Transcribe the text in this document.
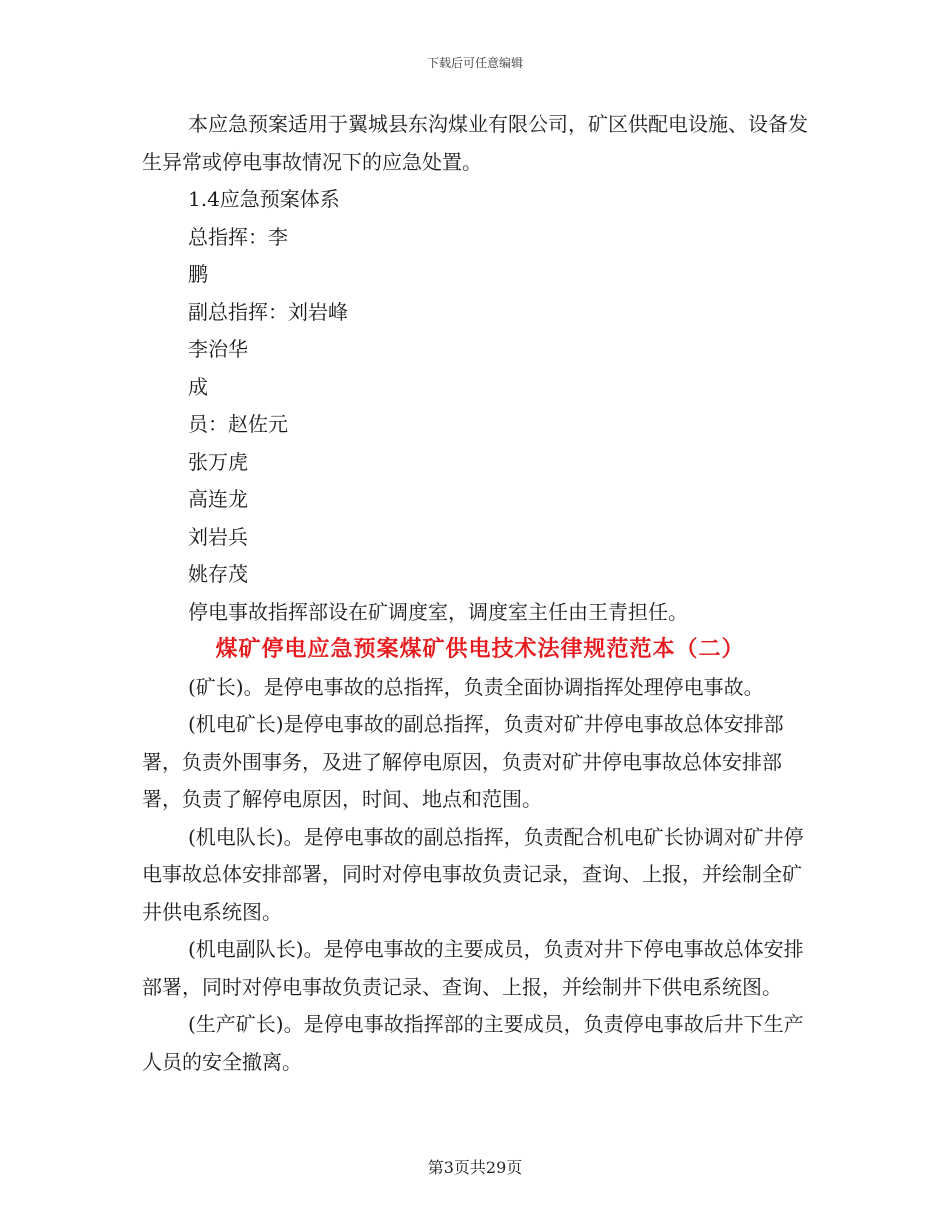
下载后可任意编辑

本应急预案适用于翼城县东沟煤业有限公司，矿区供配电设施、设备发生异常或停电事故情况下的应急处置。

1.4应急预案体系

总指挥：李

鹏

副总指挥：刘岩峰

李治华

成

员：赵佐元

张万虎

高连龙

刘岩兵

姚存茂

停电事故指挥部设在矿调度室，调度室主任由王青担任。

煤矿停电应急预案煤矿供电技术法律规范范本（二）

(矿长)。是停电事故的总指挥，负责全面协调指挥处理停电事故。

(机电矿长)是停电事故的副总指挥，负责对矿井停电事故总体安排部署，负责外围事务，及进了解停电原因，负责对矿井停电事故总体安排部署，负责了解停电原因，时间、地点和范围。

(机电队长)。是停电事故的副总指挥，负责配合机电矿长协调对矿井停电事故总体安排部署，同时对停电事故负责记录，查询、上报，并绘制全矿井供电系统图。

(机电副队长)。是停电事故的主要成员，负责对井下停电事故总体安排部署，同时对停电事故负责记录、查询、上报，并绘制井下供电系统图。

(生产矿长)。是停电事故指挥部的主要成员，负责停电事故后井下生产人员的安全撤离。

第3页共29页
